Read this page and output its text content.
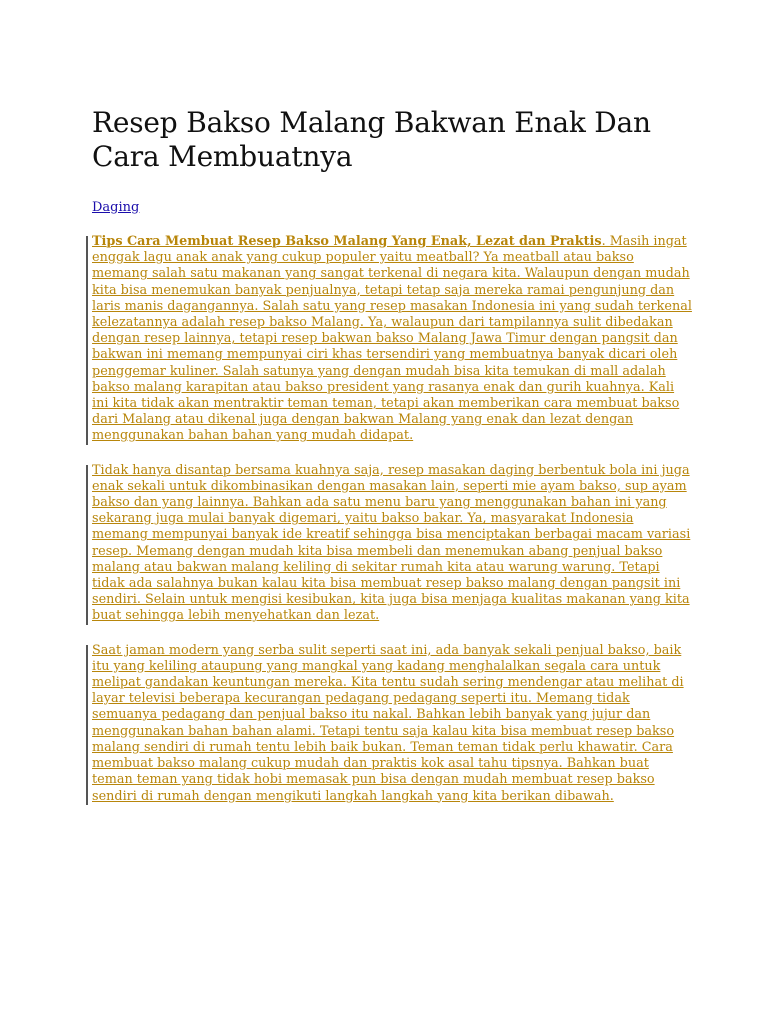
Resep Bakso Malang Bakwan Enak Dan Cara Membuatnya
Daging

Tips Cara Membuat Resep Bakso Malang Yang Enak, Lezat dan Praktis. Masih ingat enggak lagu anak anak yang cukup populer yaitu meatball? Ya meatball atau bakso memang salah satu makanan yang sangat terkenal di negara kita. Walaupun dengan mudah kita bisa menemukan banyak penjualnya, tetapi tetap saja mereka ramai pengunjung dan laris manis dagangannya. Salah satu yang resep masakan Indonesia ini yang sudah terkenal kelezatannya adalah resep bakso Malang. Ya, walaupun dari tampilannya sulit dibedakan dengan resep lainnya, tetapi resep bakwan bakso Malang Jawa Timur dengan pangsit dan bakwan ini memang mempunyai ciri khas tersendiri yang membuatnya banyak dicari oleh penggemar kuliner. Salah satunya yang dengan mudah bisa kita temukan di mall adalah bakso malang karapitan atau bakso president yang rasanya enak dan gurih kuahnya. Kali ini kita tidak akan mentraktir teman teman, tetapi akan memberikan cara membuat bakso dari Malang atau dikenal juga dengan bakwan Malang yang enak dan lezat dengan menggunakan bahan bahan yang mudah didapat.

Tidak hanya disantap bersama kuahnya saja, resep masakan daging berbentuk bola ini juga enak sekali untuk dikombinasikan dengan masakan lain, seperti mie ayam bakso, sup ayam bakso dan yang lainnya. Bahkan ada satu menu baru yang menggunakan bahan ini yang sekarang juga mulai banyak digemari, yaitu bakso bakar. Ya, masyarakat Indonesia memang mempunyai banyak ide kreatif sehingga bisa menciptakan berbagai macam variasi resep. Memang dengan mudah kita bisa membeli dan menemukan abang penjual bakso malang atau bakwan malang keliling di sekitar rumah kita atau warung warung. Tetapi tidak ada salahnya bukan kalau kita bisa membuat resep bakso malang dengan pangsit ini sendiri. Selain untuk mengisi kesibukan, kita juga bisa menjaga kualitas makanan yang kita buat sehingga lebih menyehatkan dan lezat.

Saat jaman modern yang serba sulit seperti saat ini, ada banyak sekali penjual bakso, baik itu yang keliling ataupung yang mangkal yang kadang menghalalkan segala cara untuk melipat gandakan keuntungan mereka. Kita tentu sudah sering mendengar atau melihat di layar televisi beberapa kecurangan pedagang pedagang seperti itu. Memang tidak semuanya pedagang dan penjual bakso itu nakal. Bahkan lebih banyak yang jujur dan menggunakan bahan bahan alami. Tetapi tentu saja kalau kita bisa membuat resep bakso malang sendiri di rumah tentu lebih baik bukan. Teman teman tidak perlu khawatir. Cara membuat bakso malang cukup mudah dan praktis kok asal tahu tipsnya. Bahkan buat teman teman yang tidak hobi memasak pun bisa dengan mudah membuat resep bakso sendiri di rumah dengan mengikuti langkah langkah yang kita berikan dibawah.
